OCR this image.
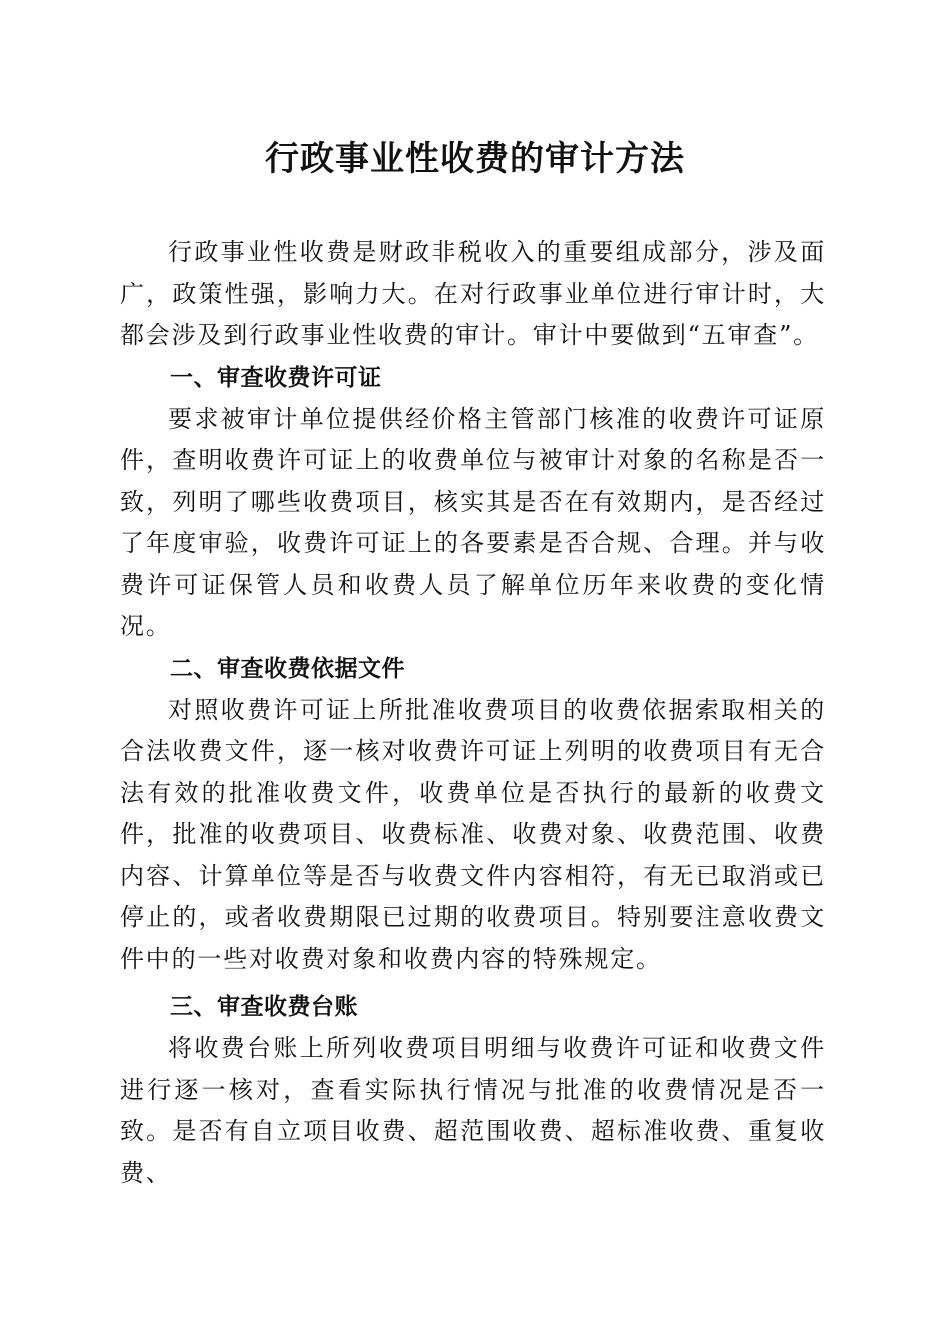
行政事业性收费的审计方法

行政事业性收费是财政非税收入的重要组成部分，涉及面广，政策性强，影响力大。在对行政事业单位进行审计时，大都会涉及到行政事业性收费的审计。审计中要做到“五审查”。

一、审查收费许可证

要求被审计单位提供经价格主管部门核准的收费许可证原件，查明收费许可证上的收费单位与被审计对象的名称是否一致，列明了哪些收费项目，核实其是否在有效期内，是否经过了年度审验，收费许可证上的各要素是否合规、合理。并与收费许可证保管人员和收费人员了解单位历年来收费的变化情况。

二、审查收费依据文件

对照收费许可证上所批准收费项目的收费依据索取相关的合法收费文件，逐一核对收费许可证上列明的收费项目有无合法有效的批准收费文件，收费单位是否执行的最新的收费文件，批准的收费项目、收费标准、收费对象、收费范围、收费内容、计算单位等是否与收费文件内容相符，有无已取消或已停止的，或者收费期限已过期的收费项目。特别要注意收费文件中的一些对收费对象和收费内容的特殊规定。

三、审查收费台账

将收费台账上所列收费项目明细与收费许可证和收费文件进行逐一核对，查看实际执行情况与批准的收费情况是否一致。是否有自立项目收费、超范围收费、超标准收费、重复收费、
